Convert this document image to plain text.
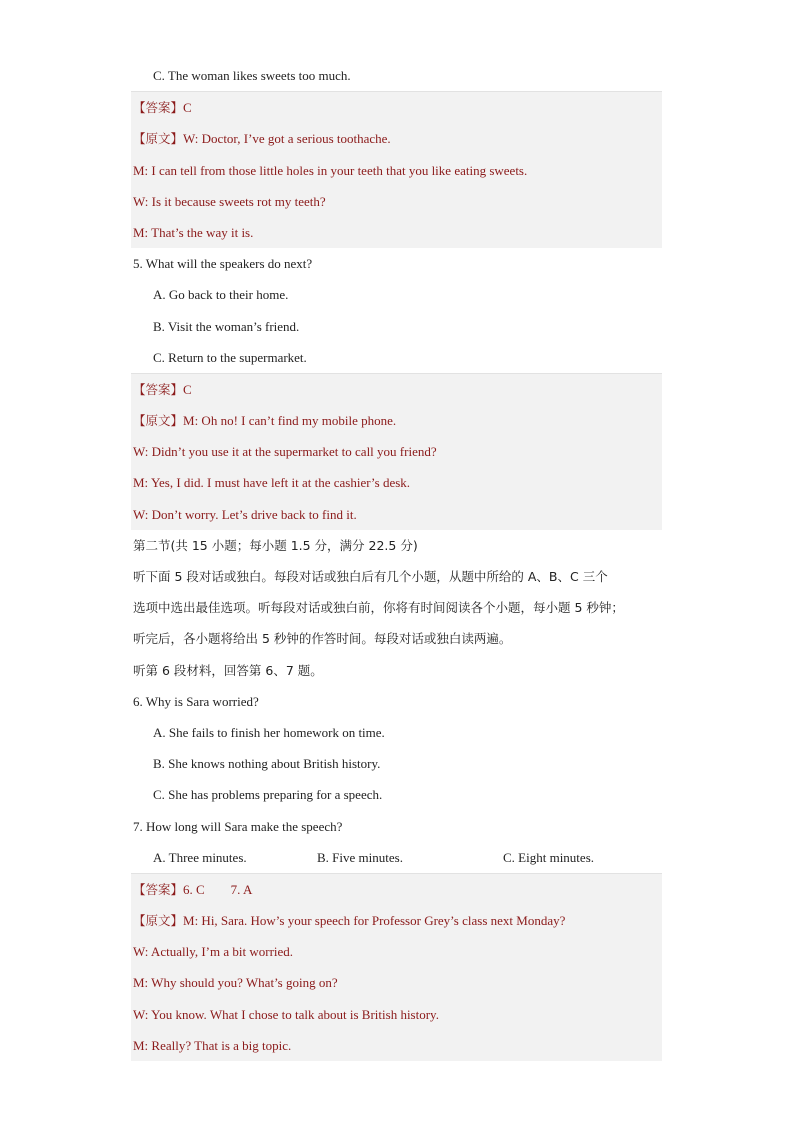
C. The woman likes sweets too much.
【答案】C
【原文】W: Doctor, I’ve got a serious toothache.
M: I can tell from those little holes in your teeth that you like eating sweets.
W: Is it because sweets rot my teeth?
M: That’s the way it is.
5. What will the speakers do next?
A. Go back to their home.
B. Visit the woman’s friend.
C. Return to the supermarket.
【答案】C
【原文】M: Oh no! I can’t find my mobile phone.
W: Didn’t you use it at the supermarket to call you friend?
M: Yes, I did. I must have left it at the cashier’s desk.
W: Don’t worry. Let’s drive back to find it.
第二节(共 15 小题；每小题 1.5 分，满分 22.5 分)
听下面 5 段对话或独白。每段对话或独白后有几个小题，从题中所给的 A、B、C 三个
选项中选出最佳选项。听每段对话或独白前，你将有时间阅读各个小题，每小题 5 秒钟；
听完后，各小题将给出 5 秒钟的作答时间。每段对话或独白读两遍。
听第 6 段材料，回答第 6、7 题。
6. Why is Sara worried?
A. She fails to finish her homework on time.
B. She knows nothing about British history.
C. She has problems preparing for a speech.
7. How long will Sara make the speech?
A. Three minutes.	B. Five minutes.	C. Eight minutes.
【答案】6. C        7. A
【原文】M: Hi, Sara. How’s your speech for Professor Grey’s class next Monday?
W: Actually, I’m a bit worried.
M: Why should you? What’s going on?
W: You know. What I chose to talk about is British history.
M: Really? That is a big topic.
